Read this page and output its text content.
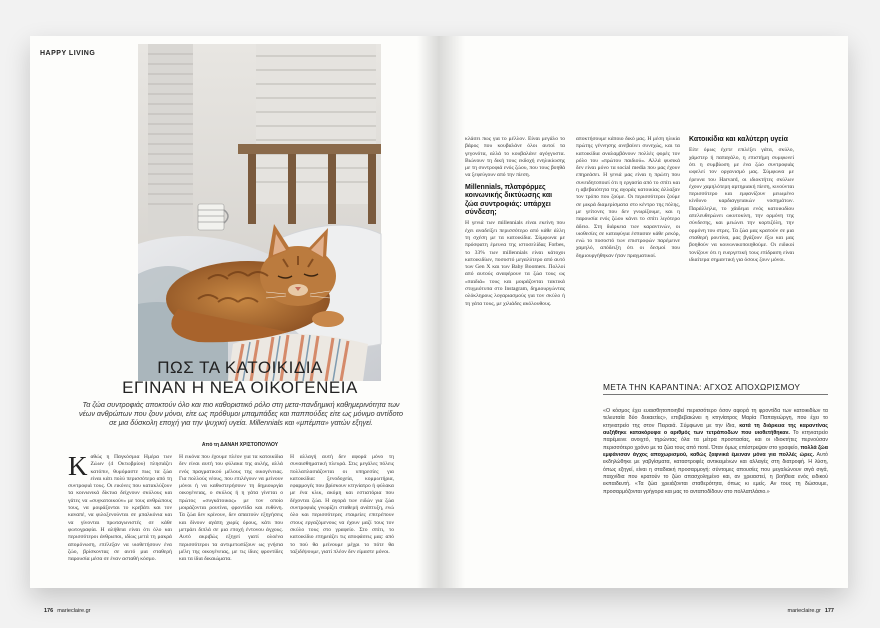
HAPPY LIVING
ΠΩΣ ΤΑ ΚΑΤΟΙΚΙΔΙΑ
ΕΓΙΝΑΝ Η ΝΕΑ ΟΙΚΟΓΕΝΕΙΑ
Τα ζώα συντροφιάς αποκτούν όλο και πιο καθοριστικό ρόλο στη μετα-πανδημική καθημερινότητα των νέων ανθρώπων που ζουν μόνοι, είτε ως πρόθυμοι μπαμπάδες και παππούδες είτε ως μόνιμο αντίδοτο σε μια δύσκολη εποχή για την ψυχική υγεία. Millennials και «μπέμπα» γατών εξηγεί.
Από τη ΔΑΝΑΗ ΧΡΙΣΤΟΠΟΥΛΟΥ
Καθώς η Παγκόσμια Ημέρα των Ζώων (4 Οκτωβρίου) πλησιάζει κατόπιν, θυμόμαστε πως τα ζώα είναι κάτι πολύ περισσότερο από τη συντροφιά τους. Οι εικόνες που κατακλύζουν τα κοινωνικά δίκτυα δείχνουν σκύλους και γάτες να «συγκατοικούν» με τους ανθρώπους τους, να μοιράζονται το κρεβάτι και τον καναπέ, να φιλοξενούνται σε μπαλκόνια και να γίνονται πρωταγωνιστές σε κάθε φωτογραφία. Η αλήθεια είναι ότι όλο και περισσότεροι άνθρωποι, ιδίως μετά τη μακρά απομόνωση, επέλεξαν να υιοθετήσουν ένα ζώο, βρίσκοντας σε αυτό μια σταθερή παρουσία μέσα σε έναν ασταθή κόσμο.
Η εικόνα που έχουμε πλέον για τα κατοικίδια δεν είναι αυτή του φύλακα της αυλής, αλλά ενός πραγματικού μέλους της οικογένειας. Για πολλούς νέους, που επιλέγουν να μείνουν μόνοι ή να καθυστερήσουν τη δημιουργία οικογένειας, ο σκύλος ή η γάτα γίνεται ο πρώτος «συγκάτοικος» με τον οποίο μοιράζονται ρουτίνα, φροντίδα και ευθύνη. Τα ζώα δεν κρίνουν, δεν απαιτούν εξηγήσεις και δίνουν αγάπη χωρίς όρους, κάτι που μετράει διπλά σε μια εποχή έντονου άγχους. Αυτό ακριβώς εξηγεί γιατί ολοένα περισσότεροι τα αντιμετωπίζουν ως γνήσια μέλη της οικογένειας, με τις ίδιες φροντίδες και τα ίδια δικαιώματα.
Η αλλαγή αυτή δεν αφορά μόνο τη συναισθηματική πλευρά. Στις μεγάλες πόλεις πολλαπλασιάζονται οι υπηρεσίες για κατοικίδια: ξενοδοχεία, κομμωτήρια, εφαρμογές που βρίσκουν κτηνίατρο ή φύλακα με ένα κλικ, ακόμη και εστιατόρια που δέχονται ζώα. Η αγορά των ειδών για ζώα συντροφιάς γνωρίζει σταθερή ανάπτυξη, ενώ όλο και περισσότερες εταιρείες επιτρέπουν στους εργαζόμενους να έχουν μαζί τους τον σκύλο τους στο γραφείο. Στο σπίτι, το κατοικίδιο επηρεάζει τις αποφάσεις μας: από το πού θα μείνουμε μέχρι το πότε θα ταξιδέψουμε, γιατί πλέον δεν είμαστε μόνοι.
176 marieclaire.gr
κλάσει πως για το μέλλον. Είναι μεγάλο το βάρος που κουβαλάνε όλοι αυτοί τα γεγονότα, αλλά το κουβαλάνε αγόγγυστα. Βιώνουν τη δική τους εκδοχή ενηλικίωσης με τη συντροφιά ενός ζώου, που τους βοηθά να ξεφεύγουν από την πίεση.
Millennials, πλατφόρμες κοινωνικής δικτύωσης και ζώα συντροφιάς: υπάρχει σύνδεση;
Η γενιά των millennials είναι εκείνη που έχει αναδείξει περισσότερο από κάθε άλλη τη σχέση με τα κατοικίδια. Σύμφωνα με πρόσφατη έρευνα της ιστοσελίδας Forbes, το 33% των millennials είναι κάτοχοι κατοικιδίων, ποσοστό μεγαλύτερο από αυτό των Gen X και των Baby Boomers. Πολλοί από αυτούς αναφέρουν τα ζώα τους ως «παιδιά» τους και μοιράζονται τακτικά στιγμιότυπα στο Instagram, δημιουργώντας ολόκληρους λογαριασμούς για τον σκύλο ή τη γάτα τους, με χιλιάδες ακόλουθους.
αποκτήσουμε κάποιο δικό μας. Η μέση ηλικία πρώτης γέννησης ανεβαίνει συνεχώς, και τα κατοικίδια αναλαμβάνουν πολλές φορές τον ρόλο του «πρώτου παιδιού». Αλλά φυσικά δεν είναι μόνο τα social media που μας έχουν επηρεάσει. Η γενιά μας είναι η πρώτη που συνειδητοποιεί ότι η εργασία από το σπίτι και η αβεβαιότητα της αγοράς κατοικίας άλλαξαν τον τρόπο που ζούμε. Οι περισσότεροι ζούμε σε μικρά διαμερίσματα στο κέντρο της πόλης, με γείτονες που δεν γνωρίζουμε, και η παρουσία ενός ζώου κάνει το σπίτι λιγότερο άδειο. Στη διάρκεια των καραντινών, οι υιοθεσίες σε καταφύγια έσπασαν κάθε ρεκόρ, ενώ το ποσοστό των επιστροφών παρέμεινε χαμηλό, απόδειξη ότι οι δεσμοί που δημιουργήθηκαν ήταν πραγματικοί.
Κατοικίδια και καλύτερη υγεία
Είτε όμως έχετε επιλέξει γάτα, σκύλο, χάμστερ ή παπαγάλο, η επιστήμη συμφωνεί ότι η συμβίωση με ένα ζώο συντροφιάς ωφελεί τον οργανισμό μας. Σύμφωνα με έρευνα του Harvard, οι ιδιοκτήτες σκύλων έχουν χαμηλότερη αρτηριακή πίεση, κινούνται περισσότερο και εμφανίζουν μειωμένο κίνδυνο καρδιαγγειακών νοσημάτων. Παράλληλα, το χάιδεμα ενός κατοικιδίου απελευθερώνει ωκυτοκίνη, την ορμόνη της σύνδεσης, και μειώνει την κορτιζόλη, την ορμόνη του στρες. Τα ζώα μας κρατούν σε μια σταθερή ρουτίνα, μας βγάζουν έξω και μας βοηθούν να κοινωνικοποιηθούμε. Οι ειδικοί τονίζουν ότι η ευεργετική τους επίδραση είναι ιδιαίτερα σημαντική για όσους ζουν μόνοι.
ΜΕΤΑ ΤΗΝ ΚΑΡΑΝΤΙΝΑ: ΑΓΧΟΣ ΑΠΟΧΩΡΙΣΜΟΥ
«Ο κόσμος έχει ευαισθητοποιηθεί περισσότερο όσον αφορά τη φροντίδα των κατοικιδίων τα τελευταία δύο δεκαετίες», επιβεβαιώνει η κτηνίατρος Μαρία Παπαγεώργη, που έχει το κτηνιατρείο της στον Πειραιά. Σύμφωνα με την ίδια, κατά τη διάρκεια της καραντίνας αυξήθηκε κατακόρυφα ο αριθμός των τετράποδων που υιοθετήθηκαν. Το κτηνιατρείο παρέμεινε ανοιχτό, τηρώντας όλα τα μέτρα προστασίας, και οι ιδιοκτήτες περνούσαν περισσότερο χρόνο με τα ζώα τους από ποτέ. Όταν όμως επέστρεψαν στο γραφείο, πολλά ζώα εμφάνισαν άγχος αποχωρισμού, καθώς ξαφνικά έμειναν μόνα για πολλές ώρες. Αυτό εκδηλώθηκε με γαβγίσματα, καταστροφές αντικειμένων και αλλαγές στη διατροφή. Η λύση, όπως εξηγεί, είναι η σταδιακή προσαρμογή: σύντομες απουσίες που μεγαλώνουν σιγά σιγά, παιχνίδια που κρατούν το ζώο απασχολημένο και, αν χρειαστεί, η βοήθεια ενός ειδικού εκπαιδευτή. «Τα ζώα χρειάζονται σταθερότητα, όπως κι εμείς. Αν τους τη δώσουμε, προσαρμόζονται γρήγορα και μας το ανταποδίδουν στο πολλαπλάσιο.»
marieclaire.gr 177
